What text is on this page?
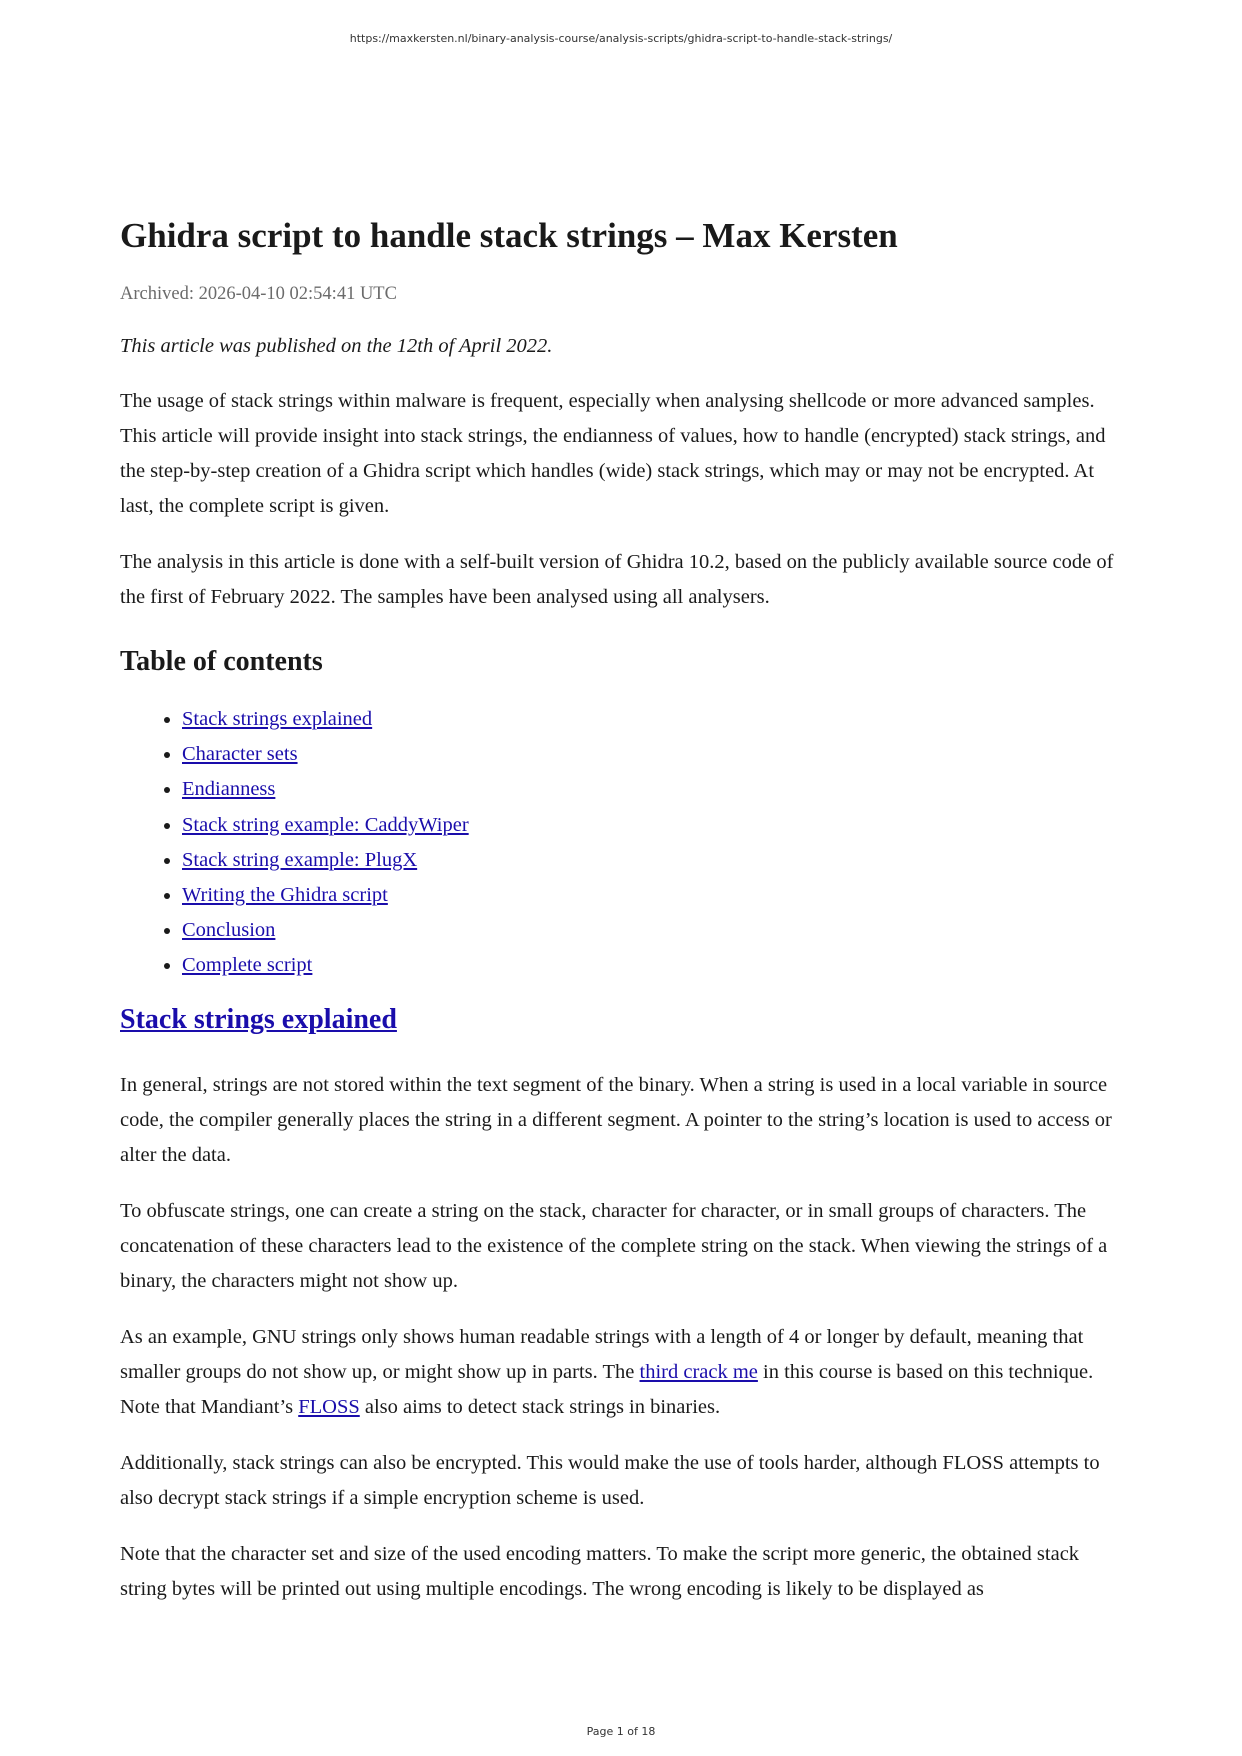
https://maxkersten.nl/binary-analysis-course/analysis-scripts/ghidra-script-to-handle-stack-strings/
Ghidra script to handle stack strings – Max Kersten
Archived: 2026-04-10 02:54:41 UTC

This article was published on the 12th of April 2022.

The usage of stack strings within malware is frequent, especially when analysing shellcode or more advanced samples. This article will provide insight into stack strings, the endianness of values, how to handle (encrypted) stack strings, and the step-by-step creation of a Ghidra script which handles (wide) stack strings, which may or may not be encrypted. At last, the complete script is given.

The analysis in this article is done with a self-built version of Ghidra 10.2, based on the publicly available source code of the first of February 2022. The samples have been analysed using all analysers.

Table of contents
• Stack strings explained
• Character sets
• Endianness
• Stack string example: CaddyWiper
• Stack string example: PlugX
• Writing the Ghidra script
• Conclusion
• Complete script
Stack strings explained

In general, strings are not stored within the text segment of the binary. When a string is used in a local variable in source code, the compiler generally places the string in a different segment. A pointer to the string’s location is used to access or alter the data.

To obfuscate strings, one can create a string on the stack, character for character, or in small groups of characters. The concatenation of these characters lead to the existence of the complete string on the stack. When viewing the strings of a binary, the characters might not show up.

As an example, GNU strings only shows human readable strings with a length of 4 or longer by default, meaning that smaller groups do not show up, or might show up in parts. The third crack me in this course is based on this technique. Note that Mandiant’s FLOSS also aims to detect stack strings in binaries.

Additionally, stack strings can also be encrypted. This would make the use of tools harder, although FLOSS attempts to also decrypt stack strings if a simple encryption scheme is used.

Note that the character set and size of the used encoding matters. To make the script more generic, the obtained stack string bytes will be printed out using multiple encodings. The wrong encoding is likely to be displayed as

Page 1 of 18
